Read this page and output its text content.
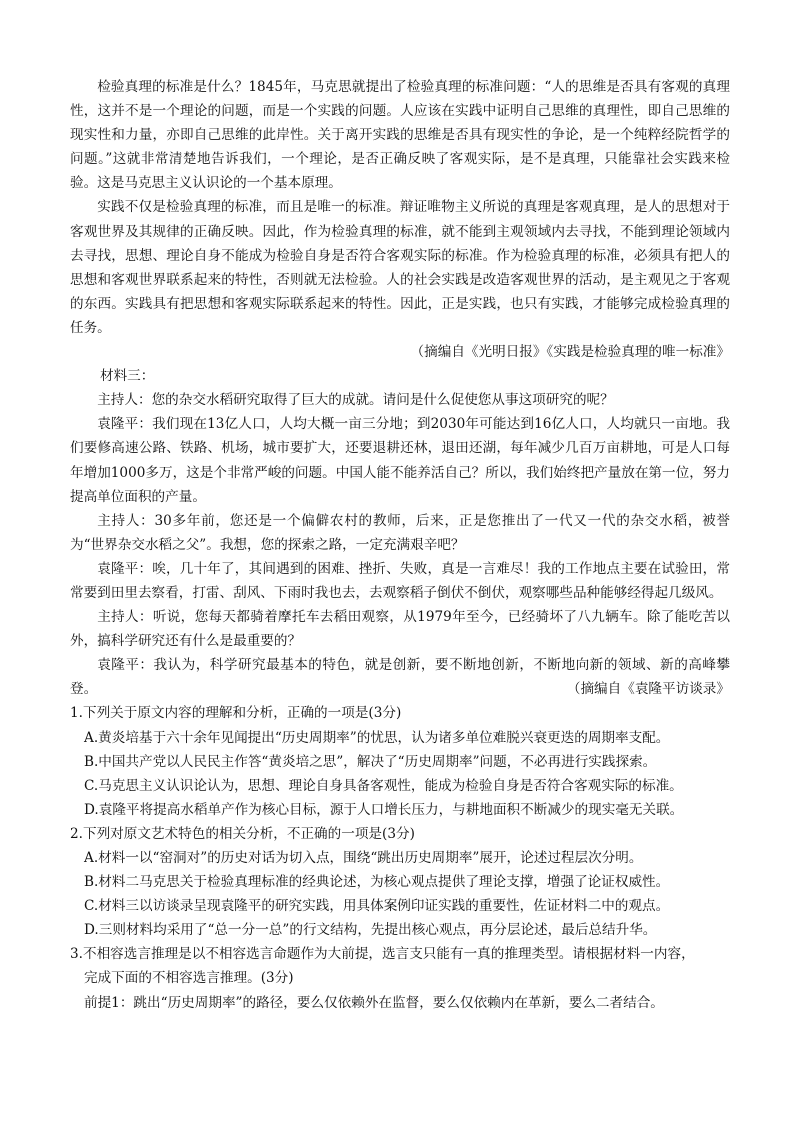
检验真理的标准是什么？1845年，马克思就提出了检验真理的标准问题：“人的思维是否具有客观的真理性，这并不是一个理论的问题，而是一个实践的问题。人应该在实践中证明自己思维的真理性，即自己思维的现实性和力量，亦即自己思维的此岸性。关于离开实践的思维是否具有现实性的争论，是一个纯粹经院哲学的问题。”这就非常清楚地告诉我们，一个理论，是否正确反映了客观实际，是不是真理，只能靠社会实践来检验。这是马克思主义认识论的一个基本原理。

实践不仅是检验真理的标准，而且是唯一的标准。辩证唯物主义所说的真理是客观真理，是人的思想对于客观世界及其规律的正确反映。因此，作为检验真理的标准，就不能到主观领域内去寻找，不能到理论领域内去寻找，思想、理论自身不能成为检验自身是否符合客观实际的标准。作为检验真理的标准，必须具有把人的思想和客观世界联系起来的特性，否则就无法检验。人的社会实践是改造客观世界的活动，是主观见之于客观的东西。实践具有把思想和客观实际联系起来的特性。因此，正是实践，也只有实践，才能够完成检验真理的任务。

（摘编自《光明日报》《实践是检验真理的唯一标准》

材料三：

主持人：您的杂交水稻研究取得了巨大的成就。请问是什么促使您从事这项研究的呢？

袁隆平：我们现在13亿人口，人均大概一亩三分地；到2030年可能达到16亿人口，人均就只一亩地。我们要修高速公路、铁路、机场，城市要扩大，还要退耕还林，退田还湖，每年减少几百万亩耕地，可是人口每年增加1000多万，这是个非常严峻的问题。中国人能不能养活自己？所以，我们始终把产量放在第一位，努力提高单位面积的产量。

主持人：30多年前，您还是一个偏僻农村的教师，后来，正是您推出了一代又一代的杂交水稻，被誉为“世界杂交水稻之父”。我想，您的探索之路，一定充满艰辛吧？

袁隆平：唉，几十年了，其间遇到的困难、挫折、失败，真是一言难尽！我的工作地点主要在试验田，常常要到田里去察看，打雷、刮风、下雨时我也去，去观察稻子倒伏不倒伏，观察哪些品种能够经得起几级风。

主持人：听说，您每天都骑着摩托车去稻田观察，从1979年至今，已经骑坏了八九辆车。除了能吃苦以外，搞科学研究还有什么是最重要的？

袁隆平：我认为，科学研究最基本的特色，就是创新，要不断地创新，不断地向新的领域、新的高峰攀登。	（摘编自《袁隆平访谈录》

1.下列关于原文内容的理解和分析，正确的一项是(3分)

A.黄炎培基于六十余年见闻提出“历史周期率”的忧思，认为诸多单位难脱兴衰更迭的周期率支配。

B.中国共产党以人民民主作答“黄炎培之思”，解决了“历史周期率”问题，不必再进行实践探索。

C.马克思主义认识论认为，思想、理论自身具备客观性，能成为检验自身是否符合客观实际的标准。

D.袁隆平将提高水稻单产作为核心目标，源于人口增长压力，与耕地面积不断减少的现实毫无关联。

2.下列对原文艺术特色的相关分析，不正确的一项是(3分)

A.材料一以“窑洞对”的历史对话为切入点，围绕“跳出历史周期率”展开，论述过程层次分明。

B.材料二马克思关于检验真理标准的经典论述，为核心观点提供了理论支撑，增强了论证权威性。

C.材料三以访谈录呈现袁隆平的研究实践，用具体案例印证实践的重要性，佐证材料二中的观点。

D.三则材料均采用了“总一分一总”的行文结构，先提出核心观点，再分层论述，最后总结升华。

3.不相容选言推理是以不相容选言命题作为大前提，选言支只能有一真的推理类型。请根据材料一内容，

完成下面的不相容选言推理。(3分)

前提1：跳出“历史周期率”的路径，要么仅依赖外在监督，要么仅依赖内在革新，要么二者结合。
